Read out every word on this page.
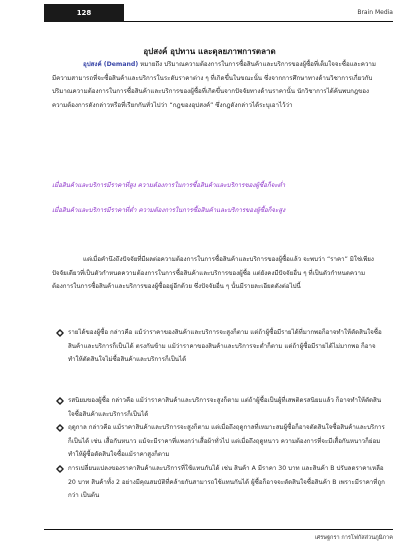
128	Brain Media
อุปสงค์ อุปทาน และดุลยภาพการตลาด

อุปสงค์ (Demand) หมายถึง ปริมาณความต้องการในการซื้อสินค้าและบริการของผู้ซื้อที่เต็มใจจะซื้อและความมีความสามารถที่จะซื้อสินค้าและบริการในระดับราคาต่าง ๆ ที่เกิดขึ้นในขณะนั้น ซึ่งจากการศึกษาทางด้านวิชาการเกี่ยวกับปริมาณความต้องการในการซื้อสินค้าและบริการของผู้ซื้อที่เกิดขึ้นจากปัจจัยทางด้านราคานั้น นักวิชาการได้ค้นพบกฎของความต้องการดังกล่าวหรือที่เรียกกันทั่วไปว่า “กฎของอุปสงค์” ซึ่งกฎดังกล่าวได้ระบุเอาไว้ว่า

เมื่อสินค้าและบริการมีราคาที่สูง ความต้องการในการซื้อสินค้าและบริการของผู้ซื้อก็จะต่ำ
เมื่อสินค้าและบริการมีราคาที่ต่ำ ความต้องการในการซื้อสินค้าและบริการของผู้ซื้อก็จะสูง

แต่เมื่อคำนึงถึงปัจจัยที่มีผลต่อความต้องการในการซื้อสินค้าและบริการของผู้ซื้อแล้ว จะพบว่า “ราคา” มิใช่เพียงปัจจัยเดียวที่เป็นตัวกำหนดความต้องการในการซื้อสินค้าและบริการของผู้ซื้อ แต่ยังคงมีปัจจัยอื่น ๆ ที่เป็นตัวกำหนดความต้องการในการซื้อสินค้าและบริการของผู้ซื้ออยู่อีกด้วย ซึ่งปัจจัยอื่น ๆ นั้นมีรายละเอียดดังต่อไปนี้

รายได้ของผู้ซื้อ กล่าวคือ แม้ว่าราคาของสินค้าและบริการจะสูงก็ตาม แต่ถ้าผู้ซื้อมีรายได้ที่มากพอก็อาจทำให้ตัดสินใจซื้อสินค้าและบริการก็เป็นได้ ตรงกันข้าม แม้ว่าราคาของสินค้าและบริการจะต่ำก็ตาม แต่ถ้าผู้ซื้อมีรายได้ไม่มากพอ ก็อาจทำให้ตัดสินใจไม่ซื้อสินค้าและบริการก็เป็นได้
รสนิยมของผู้ซื้อ กล่าวคือ แม้ว่าราคาสินค้าและบริการจะสูงก็ตาม แต่ถ้าผู้ซื้อเป็นผู้ที่เสพติดรสนิยมแล้ว ก็อาจทำให้ตัดสินใจซื้อสินค้าและบริการก็เป็นได้
ฤดูกาล กล่าวคือ แม้ราคาสินค้าและบริการจะสูงก็ตาม แต่เมื่อถึงฤดูกาลที่เหมาะสมผู้ซื้อก็อาจตัดสินใจซื้อสินค้าและบริการก็เป็นได้ เช่น เสื้อกันหนาว แม้จะมีราคาที่แพงกว่าเสื้อผ้าทั่วไป แต่เมื่อถึงฤดูหนาว ความต้องการที่จะมีเสื้อกันหนาวก็ย่อมทำให้ผู้ซื้อตัดสินใจซื้อแม้ราคาสูงก็ตาม
การเปลี่ยนแปลงของราคาสินค้าและบริการที่ใช้แทนกันได้ เช่น สินค้า A มีราคา 30 บาท และสินค้า B ปรับลดราคาเหลือ 20 บาท สินค้าทั้ง 2 อย่างมีคุณสมบัติที่คล้ายกันสามารถใช้แทนกันได้ ผู้ซื้อก็อาจจะตัดสินใจซื้อสินค้า B เพราะมีราคาที่ถูกกว่า เป็นต้น
เศรษฐกรา การโฟกัสส่วนภูมิภาค
